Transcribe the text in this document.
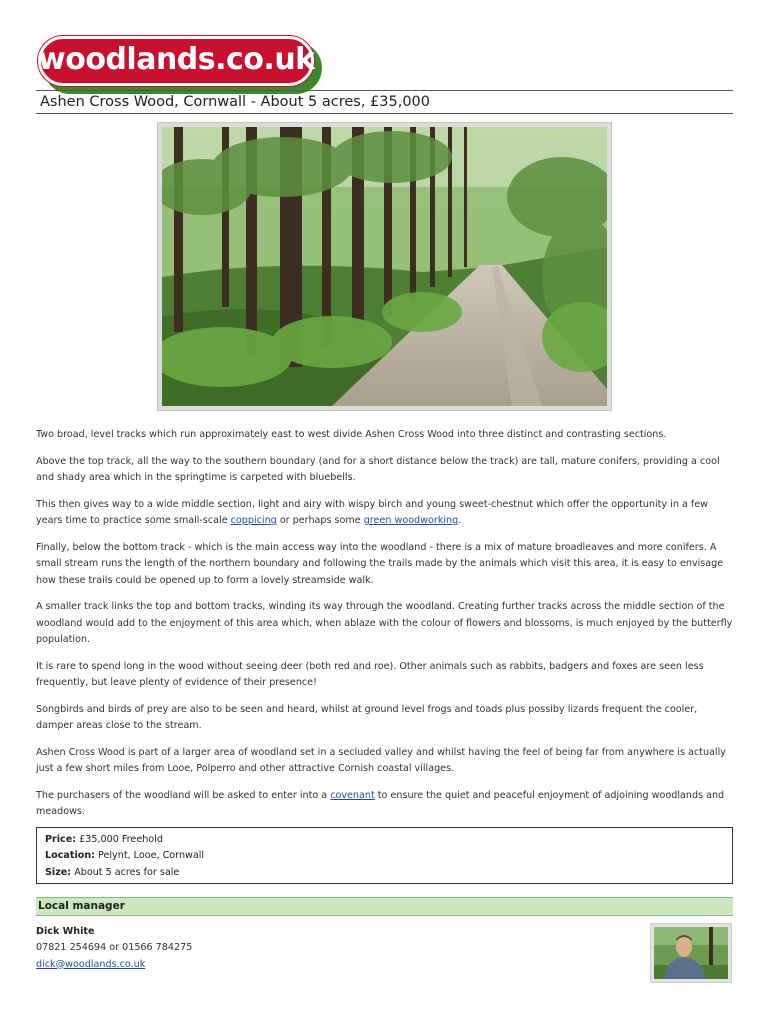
woodlands.co.uk
Ashen Cross Wood, Cornwall - About 5 acres, £35,000

Two broad, level tracks which run approximately east to west divide Ashen Cross Wood into three distinct and contrasting sections.

Above the top track, all the way to the southern boundary (and for a short distance below the track) are tall, mature conifers, providing a cool and shady area which in the springtime is carpeted with bluebells.

This then gives way to a wide middle section, light and airy with wispy birch and young sweet-chestnut which offer the opportunity in a few years time to practice some small-scale coppicing or perhaps some green woodworking.

Finally, below the bottom track - which is the main access way into the woodland - there is a mix of mature broadleaves and more conifers. A small stream runs the length of the northern boundary and following the trails made by the animals which visit this area, it is easy to envisage how these trails could be opened up to form a lovely streamside walk.

A smaller track links the top and bottom tracks, winding its way through the woodland. Creating further tracks across the middle section of the woodland would add to the enjoyment of this area which, when ablaze with the colour of flowers and blossoms, is much enjoyed by the butterfly population.

It is rare to spend long in the wood without seeing deer (both red and roe). Other animals such as rabbits, badgers and foxes are seen less frequently, but leave plenty of evidence of their presence!

Songbirds and birds of prey are also to be seen and heard, whilst at ground level frogs and toads plus possiby lizards frequent the cooler, damper areas close to the stream.

Ashen Cross Wood is part of a larger area of woodland set in a secluded valley and whilst having the feel of being far from anywhere is actually just a few short miles from Looe, Polperro and other attractive Cornish coastal villages.

The purchasers of the woodland will be asked to enter into a covenant to ensure the quiet and peaceful enjoyment of adjoining woodlands and meadows.

Price: £35,000 Freehold
Location: Pelynt, Looe, Cornwall
Size: About 5 acres for sale
Local manager
Dick White
07821 254694 or 01566 784275
dick@woodlands.co.uk
